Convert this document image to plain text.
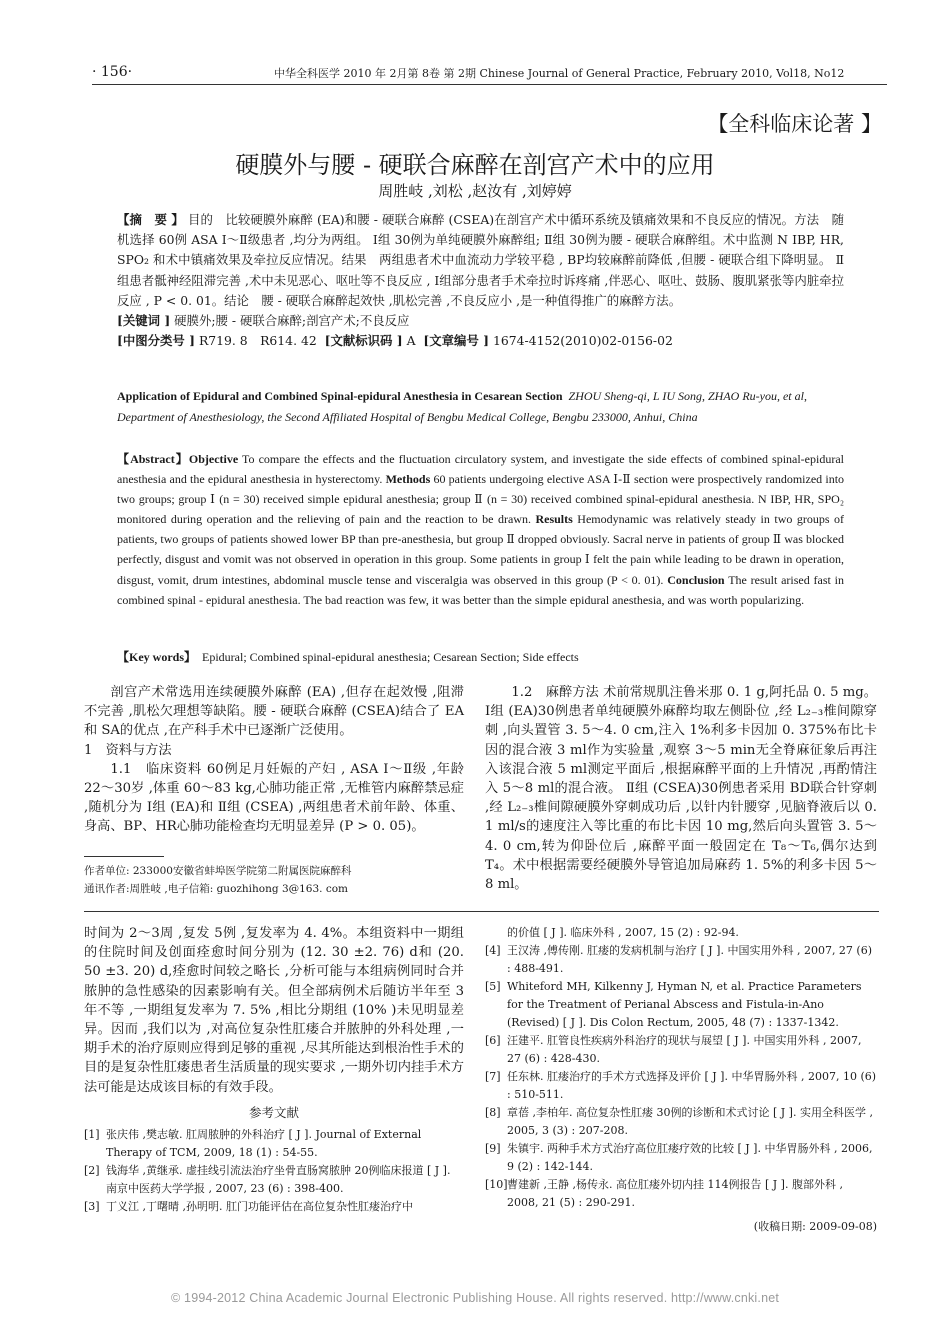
· 156·	中华全科医学 2010 年 2月第 8卷 第 2期 Chinese Journal of General Practice, February 2010, Vol18, No12
【全科临床论著 】
硬膜外与腰 - 硬联合麻醉在剖宫产术中的应用
周胜岐 ,刘松 ,赵汝有 ,刘婷婷

【摘　要 】 目的　比较硬膜外麻醉 (EA)和腰 - 硬联合麻醉 (CSEA)在剖宫产术中循环系统及镇痛效果和不良反应的情况。方法　随机选择 60例 ASA Ⅰ～Ⅱ级患者 ,均分为两组。 Ⅰ组 30例为单纯硬膜外麻醉组; Ⅱ组 30例为腰 - 硬联合麻醉组。术中监测 N IBP, HR, SPO₂ 和术中镇痛效果及牵拉反应情况。结果　两组患者术中血流动力学较平稳 , BP均较麻醉前降低 ,但腰 - 硬联合组下降明显。 Ⅱ组患者骶神经阻滞完善 ,术中未见恶心、呕吐等不良反应 , Ⅰ组部分患者手术牵拉时诉疼痛 ,伴恶心、呕吐、鼓肠、腹肌紧张等内脏牵拉反应 , P < 0. 01。结论　腰 - 硬联合麻醉起效快 ,肌松完善 ,不良反应小 ,是一种值得推广的麻醉方法。

[关键词 ] 硬膜外;腰 - 硬联合麻醉;剖宫产术;不良反应

[中图分类号 ] R719. 8　R614. 42 [文献标识码 ] A [文章编号 ] 1674-4152(2010)02-0156-02

Application of Epidural and Combined Spinal-epidural Anesthesia in Cesarean Section ZHOU Sheng-qi, L IU Song, ZHAO Ru-you, et al, Department of Anesthesiology, the Second Affiliated Hospital of Bengbu Medical College, Bengbu 233000, Anhui, China
【Abstract】Objective To compare the effects and the fluctuation circulatory system, and investigate the side effects of combined spinal-epidural anesthesia and the epidural anesthesia in hysterectomy. Methods 60 patients undergoing elective ASA Ⅰ-Ⅱ section were prospectively randomized into two groups; group Ⅰ (n = 30) received simple epidural anesthesia; group Ⅱ (n = 30) received combined spinal-epidural anesthesia. N IBP, HR, SPO₂ monitored during operation and the relieving of pain and the reaction to be drawn. Results Hemodynamic was relatively steady in two groups of patients, two groups of patients showed lower BP than pre-anesthesia, but group Ⅱ dropped obviously. Sacral nerve in patients of group Ⅱ was blocked perfectly, disgust and vomit was not observed in operation in this group. Some patients in group Ⅰ felt the pain while leading to be drawn in operation, disgust, vomit, drum intestines, abdominal muscle tense and visceralgia was observed in this group (P < 0. 01). Conclusion The result arised fast in combined spinal - epidural anesthesia. The bad reaction was few, it was better than the simple epidural anesthesia, and was worth popularizing.
【Key words】 Epidural; Combined spinal-epidural anesthesia; Cesarean Section; Side effects

剖宫产术常选用连续硬膜外麻醉 (EA) ,但存在起效慢 ,阻滞不完善 ,肌松欠理想等缺陷。腰 - 硬联合麻醉 (CSEA)结合了 EA和 SA的优点 ,在产科手术中已逐渐广泛使用。

1　资料与方法

1.1　临床资料 60例足月妊娠的产妇 , ASA Ⅰ～Ⅱ级 ,年龄 22～30岁 ,体重 60～83 kg,心肺功能正常 ,无椎管内麻醉禁忌症 ,随机分为 Ⅰ组 (EA)和 Ⅱ组 (CSEA) ,两组患者术前年龄、体重、身高、BP、HR心肺功能检查均无明显差异 (P > 0. 05)。

作者单位: 233000安徽省蚌埠医学院第二附属医院麻醉科

通讯作者:周胜岐 ,电子信箱: guozhihong 3@163. com

1.2　麻醉方法 术前常规肌注鲁米那 0. 1 g,阿托品 0. 5 mg。Ⅰ组 (EA)30例患者单纯硬膜外麻醉均取左侧卧位 ,经 L₂₋₃椎间隙穿刺 ,向头置管 3. 5～4. 0 cm,注入 1%利多卡因加 0. 375%布比卡因的混合液 3 ml作为实验量 ,观察 3～5 min无全脊麻征象后再注入该混合液 5 ml测定平面后 ,根据麻醉平面的上升情况 ,再酌情注入 5～8 ml的混合液。 Ⅱ组 (CSEA)30例患者采用 BD联合针穿刺 ,经 L₂₋₃椎间隙硬膜外穿刺成功后 ,以针内针腰穿 ,见脑脊液后以 0. 1 ml/s的速度注入等比重的布比卡因 10 mg,然后向头置管 3. 5～4. 0 cm,转为仰卧位后 ,麻醉平面一般固定在 T₈～T₆,偶尔达到 T₄。术中根据需要经硬膜外导管追加局麻药 1. 5%的利多卡因 5～8 ml。

时间为 2～3周 ,复发 5例 ,复发率为 4. 4%。本组资料中一期组的住院时间及创面痊愈时间分别为 (12. 30 ±2. 76) d和 (20. 50 ±3. 20) d,痊愈时间较之略长 ,分析可能与本组病例同时合并脓肿的急性感染的因素影响有关。但全部病例术后随访半年至 3年不等 ,一期组复发率为 7. 5% ,相比分期组 (10% )未见明显差异。因而 ,我们以为 ,对高位复杂性肛瘘合并脓肿的外科处理 ,一期手术的治疗原则应得到足够的重视 ,尽其所能达到根治性手术的目的是复杂性肛瘘患者生活质量的现实要求 ,一期外切内挂手术方法可能是达成该目标的有效手段。

参考文献
[1] 张庆伟 ,樊志敏. 肛周脓肿的外科治疗 [ J ]. Journal of External Therapy of TCM, 2009, 18 (1) : 54-55.
[2] 钱海华 ,黄继承. 虚挂线引流法治疗坐骨直肠窝脓肿 20例临床报道 [ J ]. 南京中医药大学学报 , 2007, 23 (6) : 398-400.
[3] 丁义江 ,丁曙晴 ,孙明明. 肛门功能评估在高位复杂性肛瘘治疗中
的价值 [ J ]. 临床外科 , 2007, 15 (2) : 92-94.
[4] 王汉涛 ,傅传刚. 肛瘘的发病机制与治疗 [ J ]. 中国实用外科 , 2007, 27 (6) : 488-491.
[5] Whiteford MH, Kilkenny J, Hyman N, et al. Practice Parameters for the Treatment of Perianal Abscess and Fistula-in-Ano (Revised) [ J ]. Dis Colon Rectum, 2005, 48 (7) : 1337-1342.
[6] 汪建平. 肛管良性疾病外科治疗的现状与展望 [ J ]. 中国实用外科 , 2007, 27 (6) : 428-430.
[7] 任东林. 肛瘘治疗的手术方式选择及评价 [ J ]. 中华胃肠外科 , 2007, 10 (6) : 510-511.
[8] 章蓓 ,李柏年. 高位复杂性肛瘘 30例的诊断和术式讨论 [ J ]. 实用全科医学 , 2005, 3 (3) : 207-208.
[9] 朱镇宇. 两种手术方式治疗高位肛瘘疗效的比较 [ J ]. 中华胃肠外科 , 2006, 9 (2) : 142-144.
[10]曹建新 ,王静 ,杨传永. 高位肛瘘外切内挂 114例报告 [ J ]. 腹部外科 , 2008, 21 (5) : 290-291.
(收稿日期: 2009-09-08)
© 1994-2012 China Academic Journal Electronic Publishing House. All rights reserved. http://www.cnki.net
